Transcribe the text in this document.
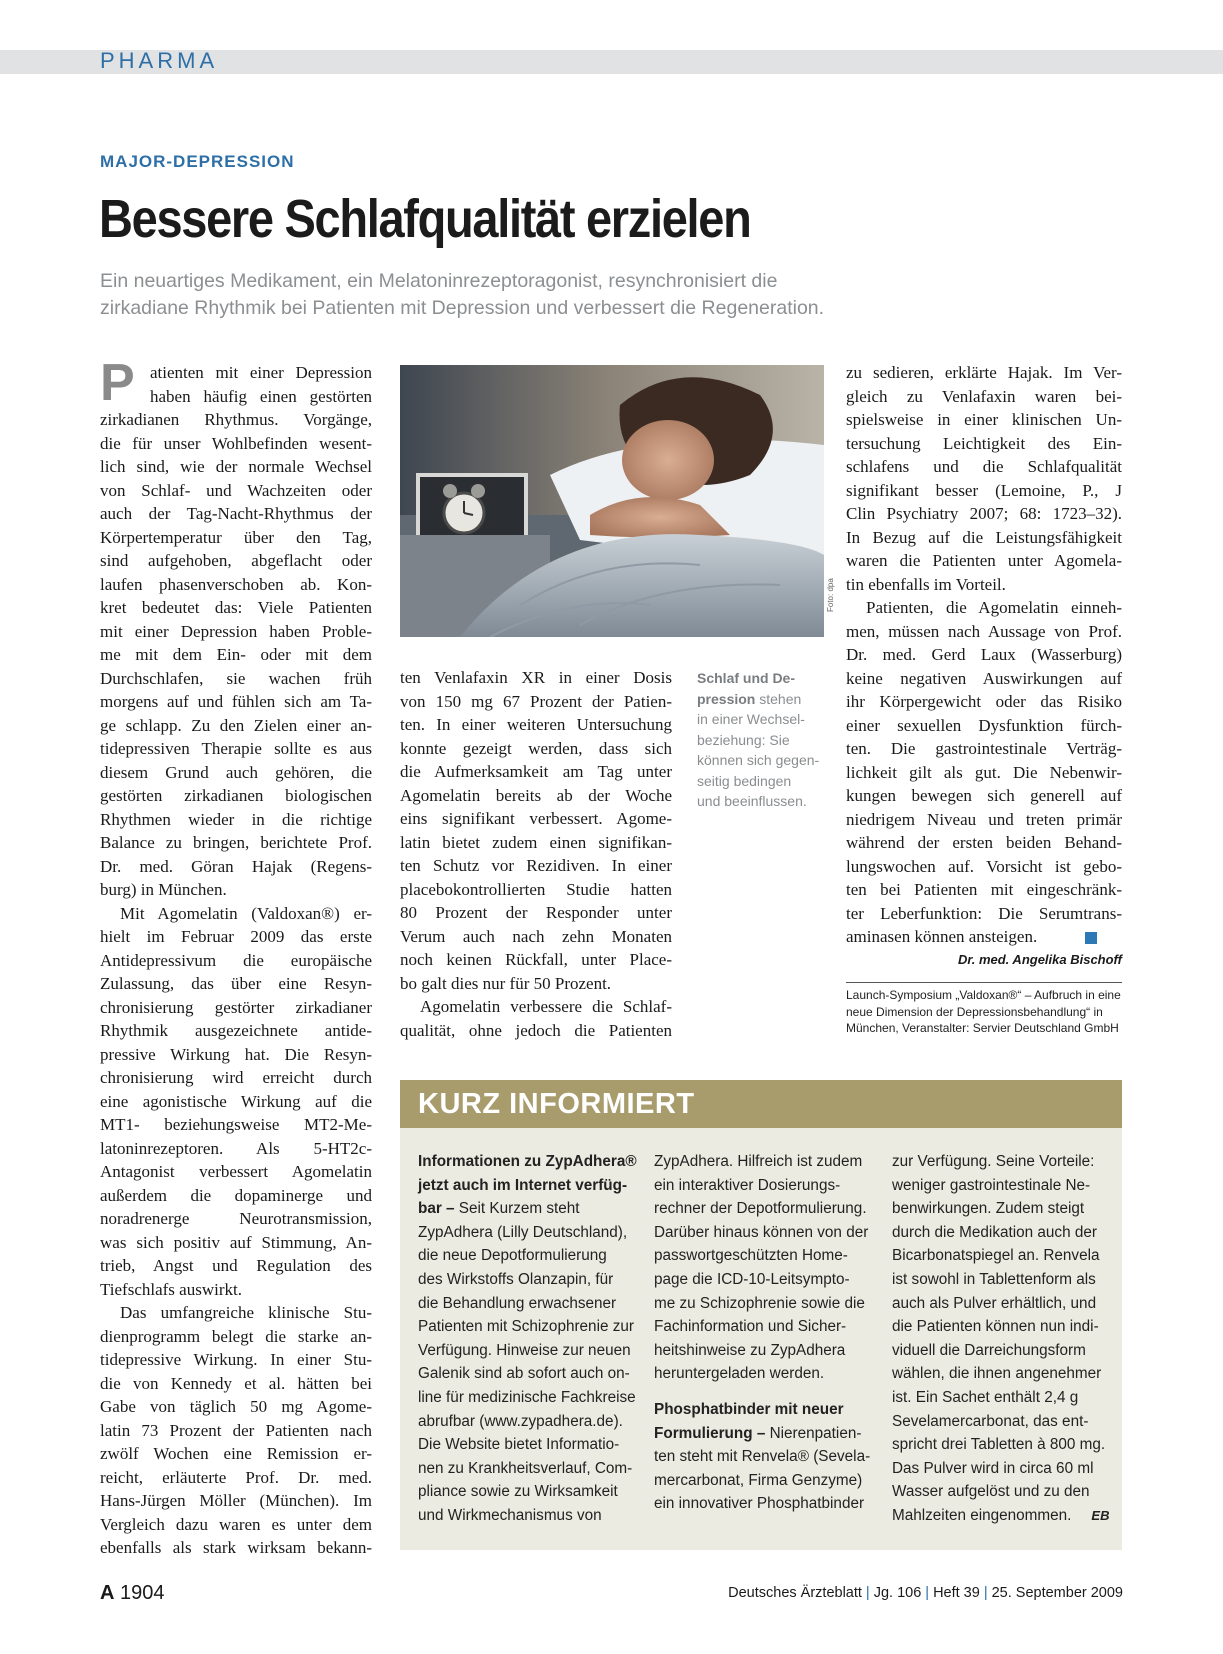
PHARMA
MAJOR-DEPRESSION
Bessere Schlafqualität erzielen
Ein neuartiges Medikament, ein Melatoninrezeptoragonist, resynchronisiert die
zirkadiane Rhythmik bei Patienten mit Depression und verbessert die Regeneration.
P atienten mit einer Depression
haben häufig einen gestörten
zirkadianen Rhythmus. Vorgänge,
die für unser Wohlbefinden wesent-
lich sind, wie der normale Wechsel
von Schlaf- und Wachzeiten oder
auch der Tag-Nacht-Rhythmus der
Körpertemperatur über den Tag,
sind aufgehoben, abgeflacht oder
laufen phasenverschoben ab. Kon-
kret bedeutet das: Viele Patienten
mit einer Depression haben Proble-
me mit dem Ein- oder mit dem
Durchschlafen, sie wachen früh
morgens auf und fühlen sich am Ta-
ge schlapp. Zu den Zielen einer an-
tidepressiven Therapie sollte es aus
diesem Grund auch gehören, die
gestörten zirkadianen biologischen
Rhythmen wieder in die richtige
Balance zu bringen, berichtete Prof.
Dr. med. Göran Hajak (Regens-
burg) in München.
Mit Agomelatin (Valdoxan®) er-
hielt im Februar 2009 das erste
Antidepressivum die europäische
Zulassung, das über eine Resyn-
chronisierung gestörter zirkadianer
Rhythmik ausgezeichnete antide-
pressive Wirkung hat. Die Resyn-
chronisierung wird erreicht durch
eine agonistische Wirkung auf die
MT1- beziehungsweise MT2-Me-
latoninrezeptoren. Als 5-HT2c-
Antagonist verbessert Agomelatin
außerdem die dopaminerge und
noradrenerge Neurotransmission,
was sich positiv auf Stimmung, An-
trieb, Angst und Regulation des
Tiefschlafs auswirkt.
Das umfangreiche klinische Stu-
dienprogramm belegt die starke an-
tidepressive Wirkung. In einer Stu-
die von Kennedy et al. hätten bei
Gabe von täglich 50 mg Agome-
latin 73 Prozent der Patienten nach
zwölf Wochen eine Remission er-
reicht, erläuterte Prof. Dr. med.
Hans-Jürgen Möller (München). Im
Vergleich dazu waren es unter dem
ebenfalls als stark wirksam bekann-
Foto: dpa
ten Venlafaxin XR in einer Dosis
von 150 mg 67 Prozent der Patien-
ten. In einer weiteren Untersuchung
konnte gezeigt werden, dass sich
die Aufmerksamkeit am Tag unter
Agomelatin bereits ab der Woche
eins signifikant verbessert. Agome-
latin bietet zudem einen signifikan-
ten Schutz vor Rezidiven. In einer
placebokontrollierten Studie hatten
80 Prozent der Responder unter
Verum auch nach zehn Monaten
noch keinen Rückfall, unter Place-
bo galt dies nur für 50 Prozent.
Agomelatin verbessere die Schlaf-
qualität, ohne jedoch die Patienten
Schlaf und De-
pression stehen
in einer Wechsel-
beziehung: Sie
können sich gegen-
seitig bedingen
und beeinflussen.
zu sedieren, erklärte Hajak. Im Ver-
gleich zu Venlafaxin waren bei-
spielsweise in einer klinischen Un-
tersuchung Leichtigkeit des Ein-
schlafens und die Schlafqualität
signifikant besser (Lemoine, P., J
Clin Psychiatry 2007; 68: 1723–32).
In Bezug auf die Leistungsfähigkeit
waren die Patienten unter Agomela-
tin ebenfalls im Vorteil.
Patienten, die Agomelatin einneh-
men, müssen nach Aussage von Prof.
Dr. med. Gerd Laux (Wasserburg)
keine negativen Auswirkungen auf
ihr Körpergewicht oder das Risiko
einer sexuellen Dysfunktion fürch-
ten. Die gastrointestinale Verträg-
lichkeit gilt als gut. Die Nebenwir-
kungen bewegen sich generell auf
niedrigem Niveau und treten primär
während der ersten beiden Behand-
lungswochen auf. Vorsicht ist gebo-
ten bei Patienten mit eingeschränk-
ter Leberfunktion: Die Serumtrans-
aminasen können ansteigen.
Dr. med. Angelika Bischoff
Launch-Symposium „Valdoxan®“ – Aufbruch in eine
neue Dimension der Depressionsbehandlung“ in
München, Veranstalter: Servier Deutschland GmbH
KURZ INFORMIERT
Informationen zu ZypAdhera®
jetzt auch im Internet verfüg-
bar – Seit Kurzem steht
ZypAdhera (Lilly Deutschland),
die neue Depotformulierung
des Wirkstoffs Olanzapin, für
die Behandlung erwachsener
Patienten mit Schizophrenie zur
Verfügung. Hinweise zur neuen
Galenik sind ab sofort auch on-
line für medizinische Fachkreise
abrufbar (www.zypadhera.de).
Die Website bietet Informatio-
nen zu Krankheitsverlauf, Com-
pliance sowie zu Wirksamkeit
und Wirkmechanismus von
ZypAdhera. Hilfreich ist zudem
ein interaktiver Dosierungs-
rechner der Depotformulierung.
Darüber hinaus können von der
passwortgeschützten Home-
page die ICD-10-Leitsympto-
me zu Schizophrenie sowie die
Fachinformation und Sicher-
heitshinweise zu ZypAdhera
heruntergeladen werden.
Phosphatbinder mit neuer
Formulierung – Nierenpatien-
ten steht mit Renvela® (Sevela-
mercarbonat, Firma Genzyme)
ein innovativer Phosphatbinder
zur Verfügung. Seine Vorteile:
weniger gastrointestinale Ne-
benwirkungen. Zudem steigt
durch die Medikation auch der
Bicarbonatspiegel an. Renvela
ist sowohl in Tablettenform als
auch als Pulver erhältlich, und
die Patienten können nun indi-
viduell die Darreichungsform
wählen, die ihnen angenehmer
ist. Ein Sachet enthält 2,4 g
Sevelamercarbonat, das ent-
spricht drei Tabletten à 800 mg.
Das Pulver wird in circa 60 ml
Wasser aufgelöst und zu den
Mahlzeiten eingenommen. EB
A 1904	Deutsches Ärzteblatt | Jg. 106 | Heft 39 | 25. September 2009
